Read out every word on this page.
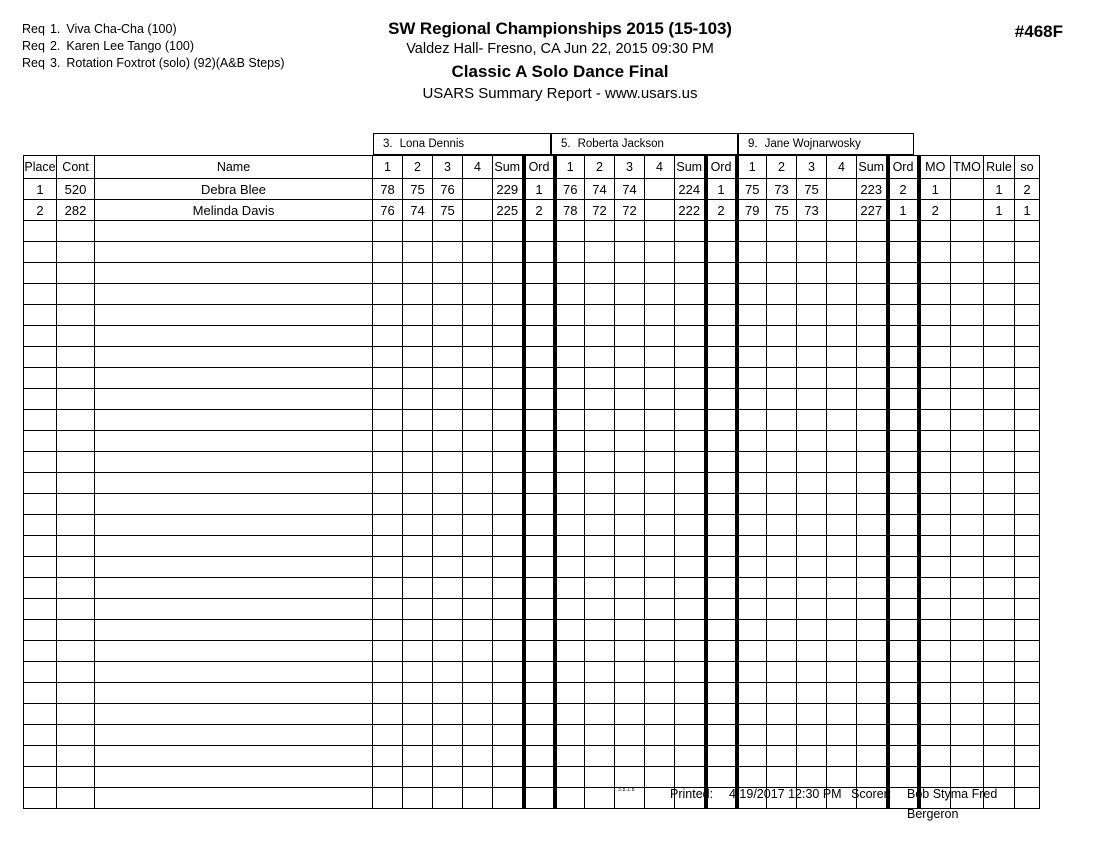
Req 1. Viva Cha-Cha (100)
Req 2. Karen Lee Tango (100)
Req 3. Rotation Foxtrot (solo) (92)(A&B Steps)
SW Regional Championships 2015 (15-103)
Valdez Hall- Fresno, CA Jun 22, 2015 09:30 PM
Classic A Solo Dance Final
USARS Summary Report - www.usars.us
#468F
3. Lona Dennis	5. Roberta Jackson	9. Jane Wojnarwosky
Place	Cont	Name	1	2	3	4	Sum	Ord	1	2	3	4	Sum	Ord	1	2	3	4	Sum	Ord	MO	TMO	Rule	so
1	520	Debra Blee	78	75	76		229	1	76	74	74		224	1	75	73	75		223	2	1		1	2
2	282	Melinda Davis	76	74	75		225	2	78	72	72		222	2	79	75	73		227	1	2		1	1

3.8.1.8	Printed: 4/19/2017 12:30 PM Scorer: Bob Styma Fred Bergeron
